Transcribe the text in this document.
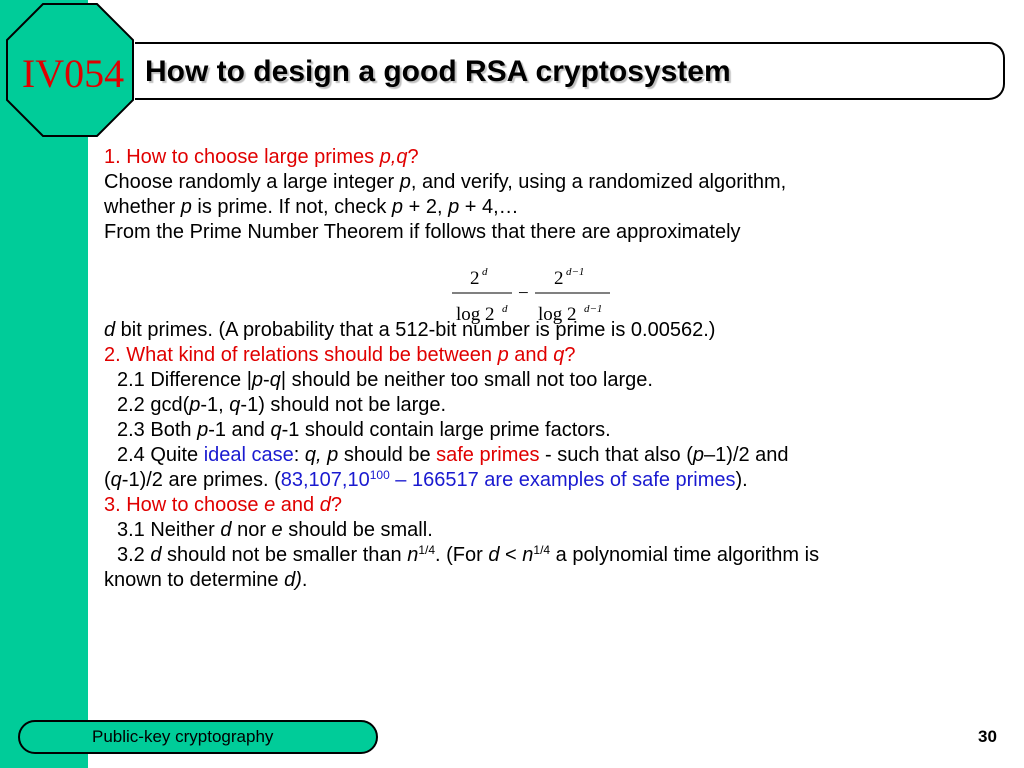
IV054 How to design a good RSA cryptosystem

1. How to choose large primes p,q?

Choose randomly a large integer p, and verify, using a randomized algorithm,

whether p is prime. If not, check p + 2, p + 4,…

From the Prime Number Theorem if follows that there are approximately

d bit primes. (A probability that a 512-bit number is prime is 0.00562.)

2. What kind of relations should be between p and q?

2.1 Difference |p-q| should be neither too small not too large.

2.2 gcd(p-1, q-1) should not be large.

2.3 Both p-1 and q-1 should contain large prime factors.

2.4 Quite ideal case: q, p should be safe primes - such that also (p–1)/2 and

(q-1)/2 are primes. (83,107,10$^{100}$ – 166517 are examples of safe primes).

3. How to choose e and d?

3.1 Neither d nor e should be small.

3.2 d should not be smaller than $n^{1/4}$. (For $d < n^{1/4}$ a polynomial time algorithm is

known to determine d).

2 d
log 2 d
−
2 d−1
log 2 d−1
Public-key cryptography	30
